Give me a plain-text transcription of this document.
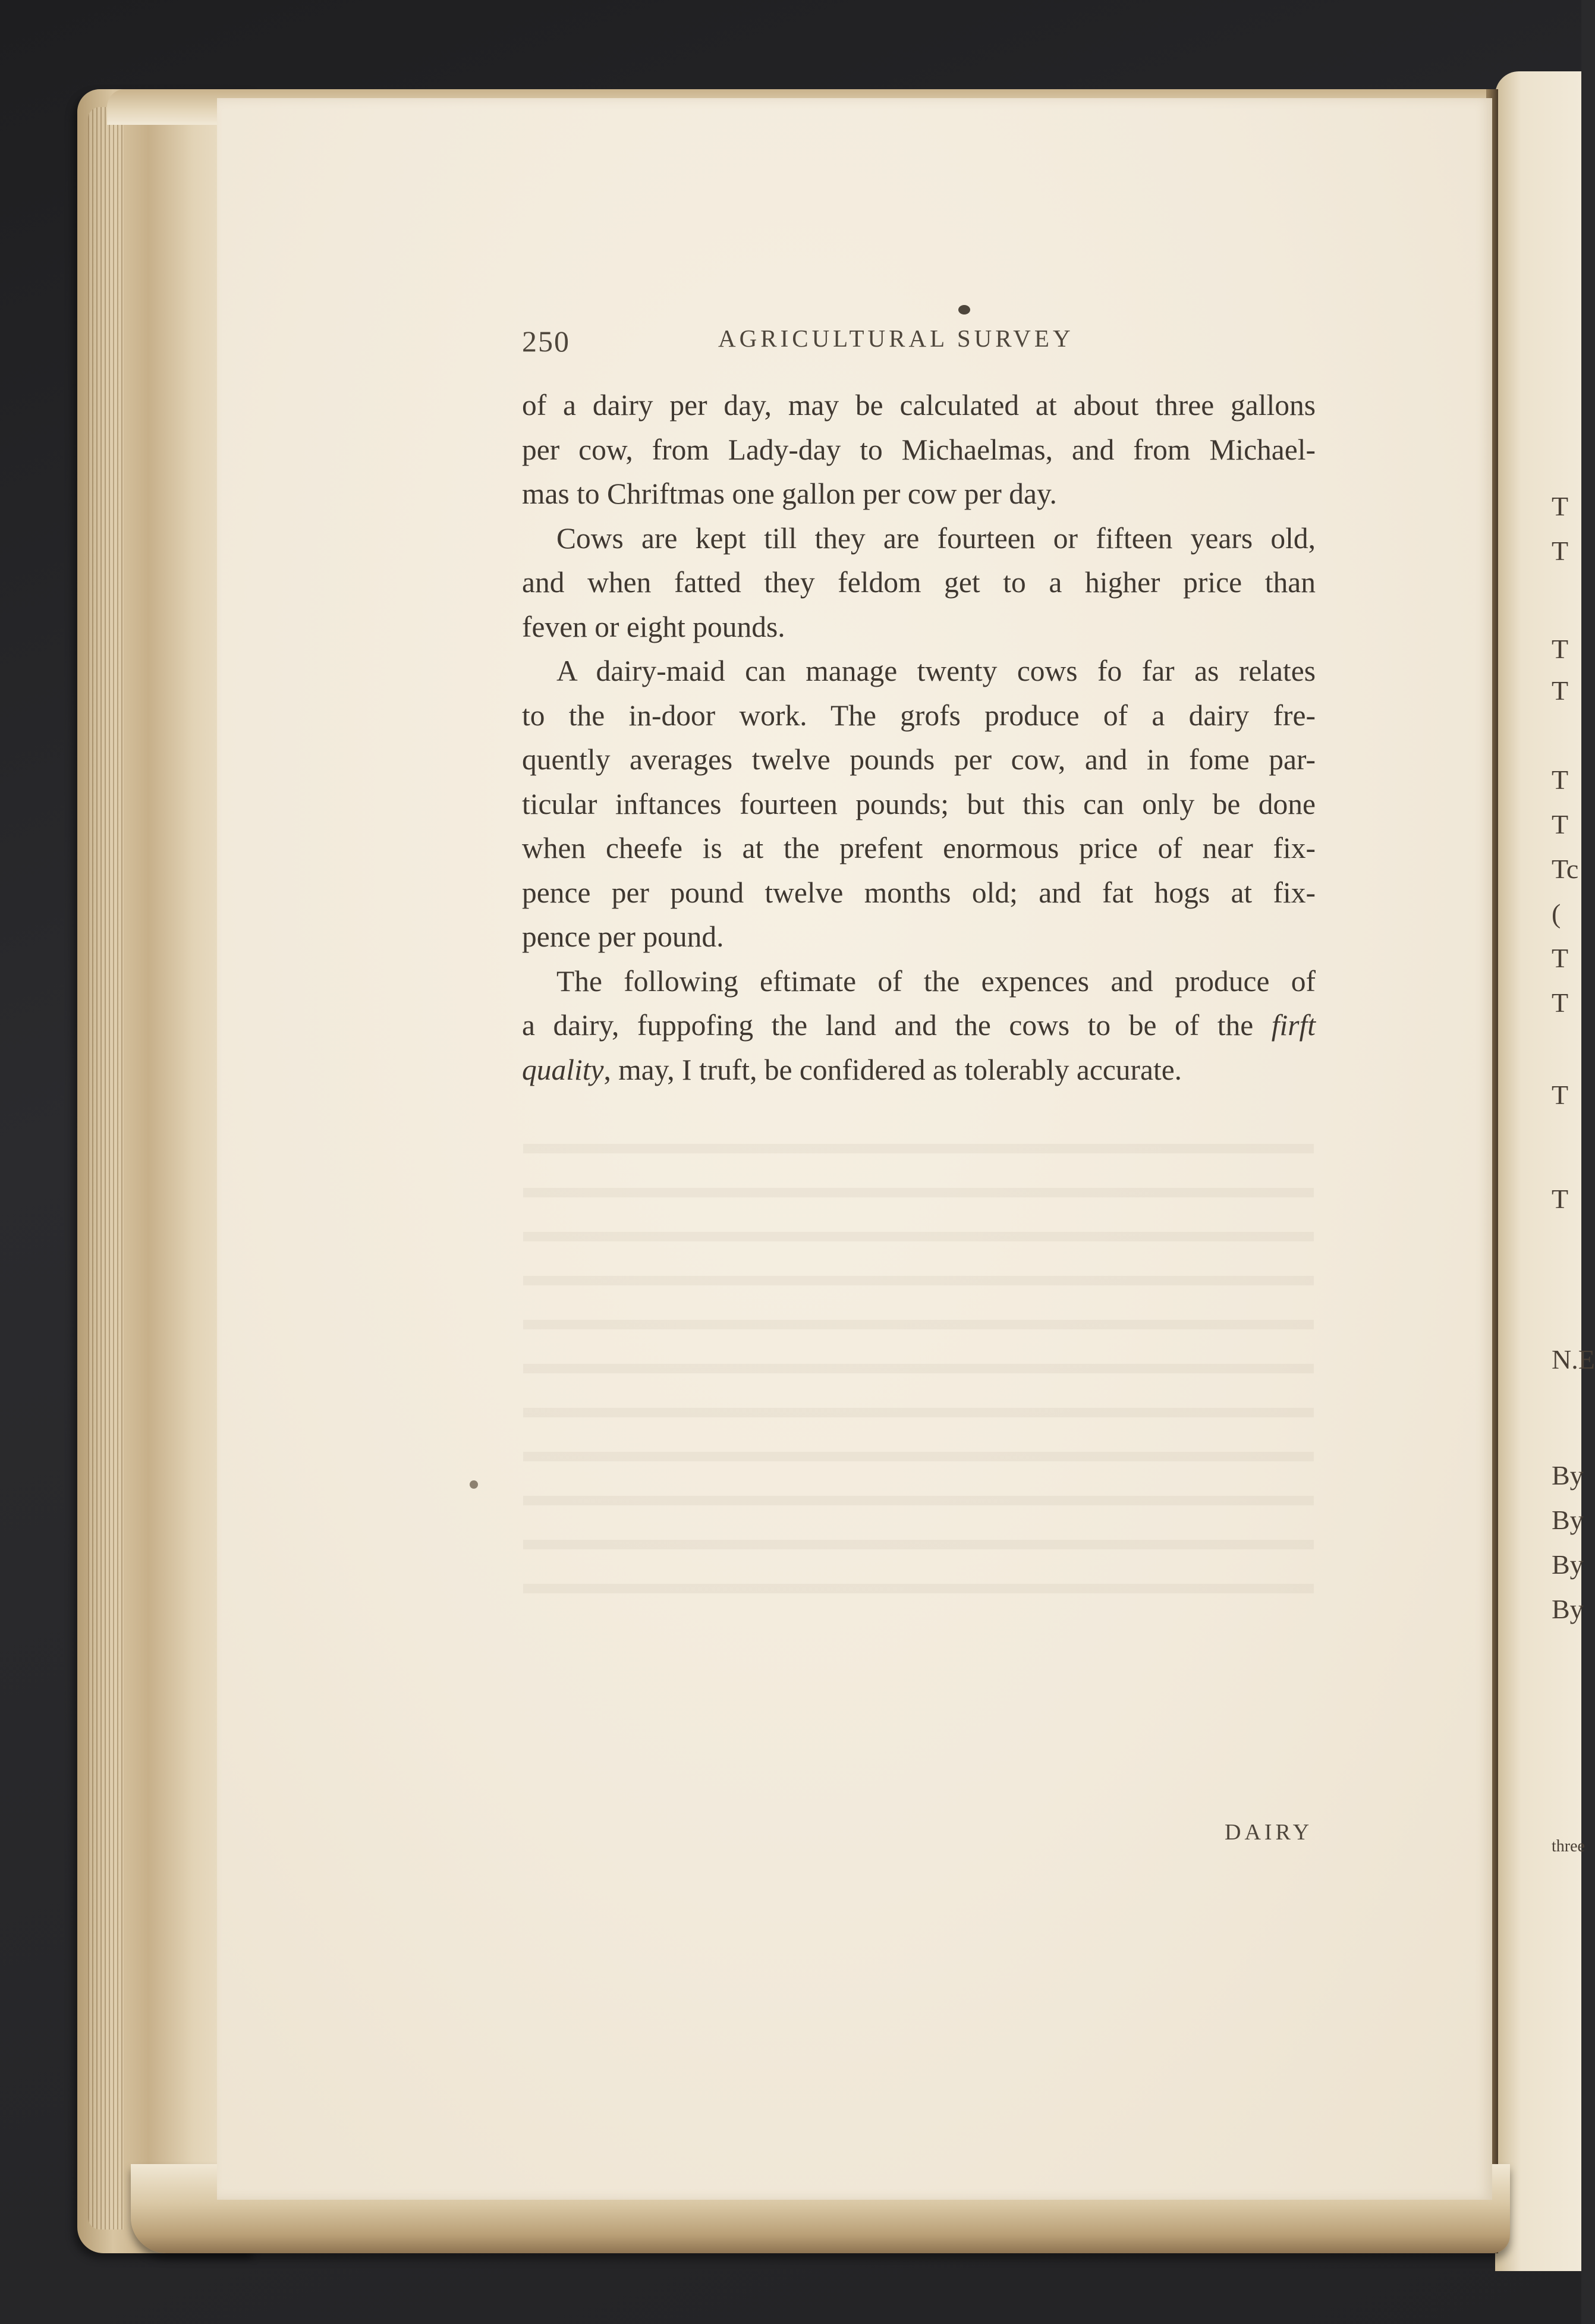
T
T
T
T
T
T
Tc
(
T
T
T
T
N.E
By
By
By
By
three
250	AGRICULTURAL SURVEY
of a dairy per day, may be calculated at about three gallons
per cow, from Lady-day to Michaelmas, and from Michael-
mas to Chriftmas one gallon per cow per day.
Cows are kept till they are fourteen or fifteen years old,
and when fatted they feldom get to a higher price than
feven or eight pounds.
A dairy-maid can manage twenty cows fo far as relates
to the in-door work. The grofs produce of a dairy fre-
quently averages twelve pounds per cow, and in fome par-
ticular inftances fourteen pounds; but this can only be done
when cheefe is at the prefent enormous price of near fix-
pence per pound twelve months old; and fat hogs at fix-
pence per pound.
The following eftimate of the expences and produce of
a dairy, fuppofing the land and the cows to be of the firft
quality, may, I truft, be confidered as tolerably accurate.
DAIRY
